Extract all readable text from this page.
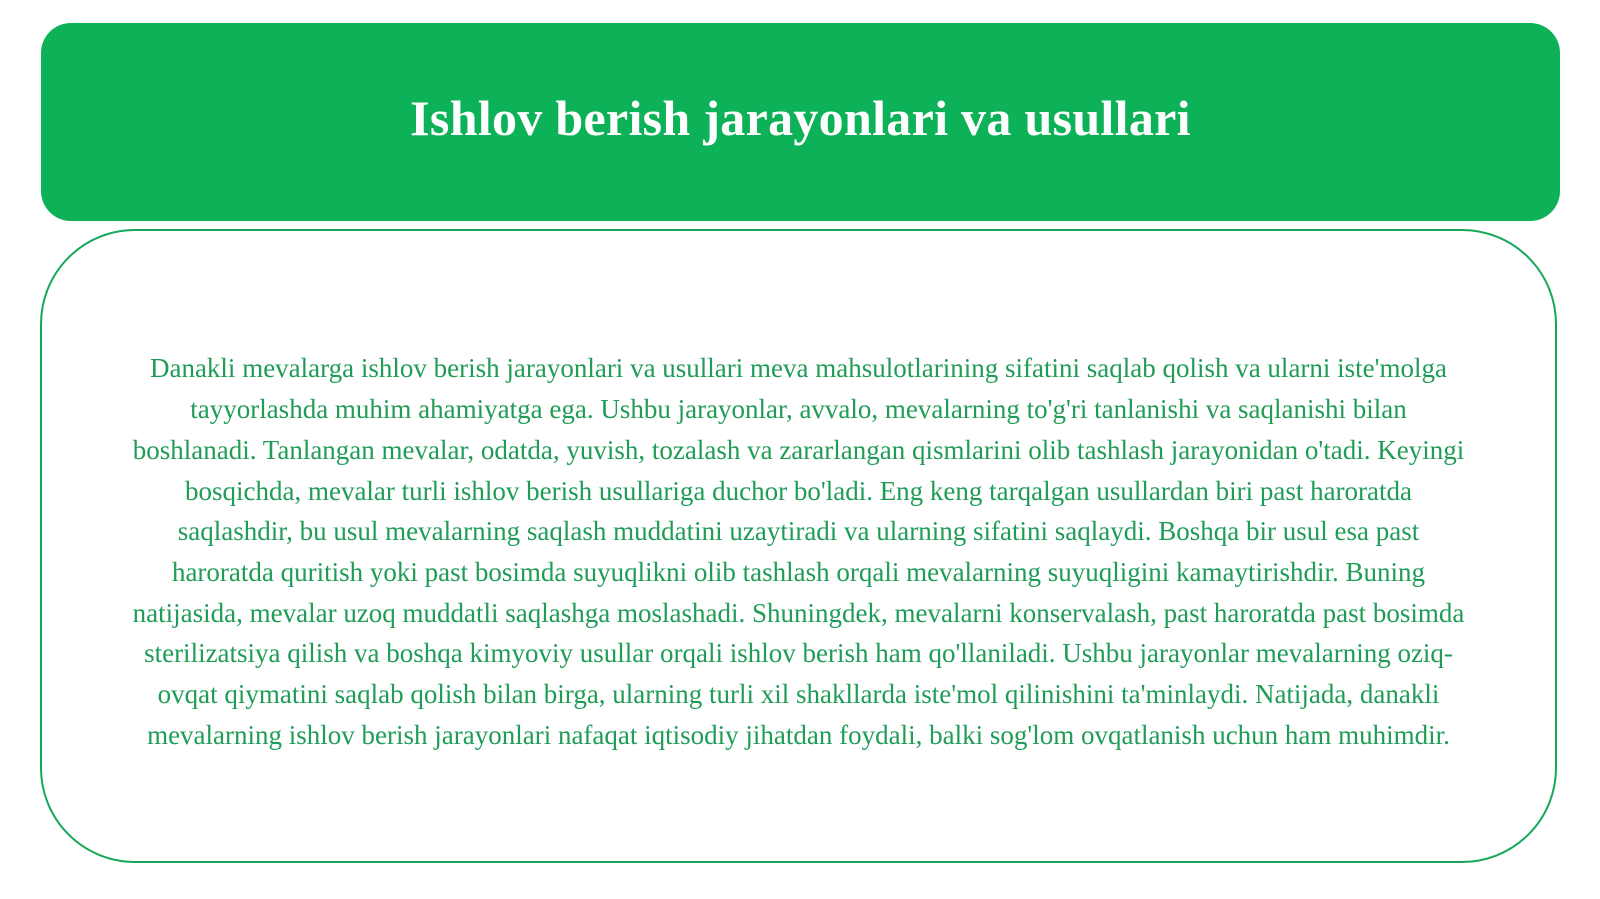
Ishlov berish jarayonlari va usullari

Danakli mevalarga ishlov berish jarayonlari va usullari meva mahsulotlarining sifatini saqlab qolish va ularni iste'molga tayyorlashda muhim ahamiyatga ega. Ushbu jarayonlar, avvalo, mevalarning to'g'ri tanlanishi va saqlanishi bilan boshlanadi. Tanlangan mevalar, odatda, yuvish, tozalash va zararlangan qismlarini olib tashlash jarayonidan o'tadi. Keyingi bosqichda, mevalar turli ishlov berish usullariga duchor bo'ladi. Eng keng tarqalgan usullardan biri past haroratda saqlashdir, bu usul mevalarning saqlash muddatini uzaytiradi va ularning sifatini saqlaydi. Boshqa bir usul esa past haroratda quritish yoki past bosimda suyuqlikni olib tashlash orqali mevalarning suyuqligini kamaytirishdir. Buning natijasida, mevalar uzoq muddatli saqlashga moslashadi. Shuningdek, mevalarni konservalash, past haroratda past bosimda sterilizatsiya qilish va boshqa kimyoviy usullar orqali ishlov berish ham qo'llaniladi. Ushbu jarayonlar mevalarning oziq-ovqat qiymatini saqlab qolish bilan birga, ularning turli xil shakllarda iste'mol qilinishini ta'minlaydi. Natijada, danakli mevalarning ishlov berish jarayonlari nafaqat iqtisodiy jihatdan foydali, balki sog'lom ovqatlanish uchun ham muhimdir.
